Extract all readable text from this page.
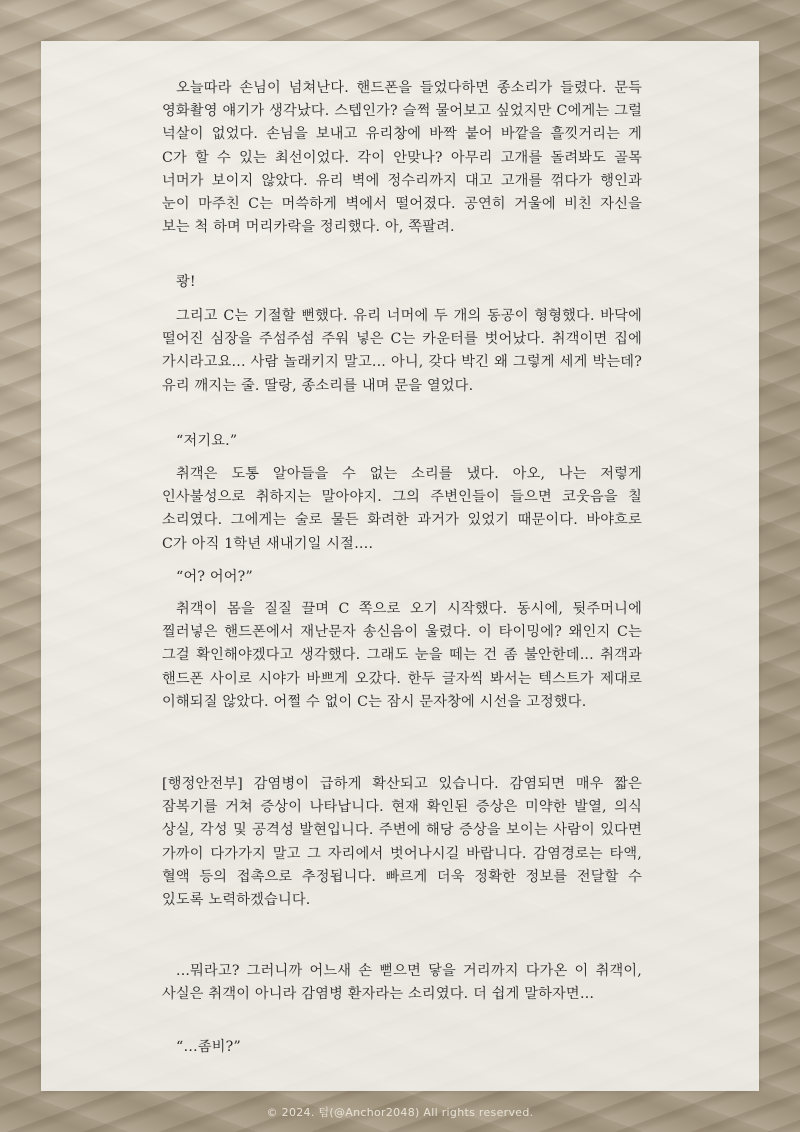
오늘따라 손님이 넘쳐난다. 핸드폰을 들었다하면 종소리가 들렸다. 문득 영화촬영 얘기가 생각났다. 스텝인가? 슬쩍 물어보고 싶었지만 C에게는 그럴 넉살이 없었다. 손님을 보내고 유리창에 바짝 붙어 바깥을 흘낏거리는 게 C가 할 수 있는 최선이었다. 각이 안맞나? 아무리 고개를 돌려봐도 골목 너머가 보이지 않았다. 유리 벽에 정수리까지 대고 고개를 꺾다가 행인과 눈이 마주친 C는 머쓱하게 벽에서 떨어졌다. 공연히 거울에 비친 자신을 보는 척 하며 머리카락을 정리했다. 아, 쪽팔려.

쾅!

그리고 C는 기절할 뻔했다. 유리 너머에 두 개의 동공이 형형했다. 바닥에 떨어진 심장을 주섬주섬 주워 넣은 C는 카운터를 벗어났다. 취객이면 집에 가시라고요... 사람 놀래키지 말고... 아니, 갖다 박긴 왜 그렇게 세게 박는데? 유리 깨지는 줄. 딸랑, 종소리를 내며 문을 열었다.

“저기요.”

취객은 도통 알아들을 수 없는 소리를 냈다. 아오, 나는 저렇게 인사불성으로 취하지는 말아야지. 그의 주변인들이 들으면 코웃음을 칠 소리였다. 그에게는 술로 물든 화려한 과거가 있었기 때문이다. 바야흐로 C가 아직 1학년 새내기일 시절….

“어? 어어?”

취객이 몸을 질질 끌며 C 쪽으로 오기 시작했다. 동시에, 뒷주머니에 찔러넣은 핸드폰에서 재난문자 송신음이 울렸다. 이 타이밍에? 왜인지 C는 그걸 확인해야겠다고 생각했다. 그래도 눈을 떼는 건 좀 불안한데... 취객과 핸드폰 사이로 시야가 바쁘게 오갔다. 한두 글자씩 봐서는 텍스트가 제대로 이해되질 않았다. 어쩔 수 없이 C는 잠시 문자창에 시선을 고정했다.

[행정안전부] 감염병이 급하게 확산되고 있습니다. 감염되면 매우 짧은 잠복기를 거쳐 증상이 나타납니다. 현재 확인된 증상은 미약한 발열, 의식 상실, 각성 및 공격성 발현입니다. 주변에 해당 증상을 보이는 사람이 있다면 가까이 다가가지 말고 그 자리에서 벗어나시길 바랍니다. 감염경로는 타액, 혈액 등의 접촉으로 추정됩니다. 빠르게 더욱 정확한 정보를 전달할 수 있도록 노력하겠습니다.

...뭐라고? 그러니까 어느새 손 뻗으면 닿을 거리까지 다가온 이 취객이, 사실은 취객이 아니라 감염병 환자라는 소리였다. 더 쉽게 말하자면…

“…좀비?”

© 2024. 텀(@Anchor2048) All rights reserved.
